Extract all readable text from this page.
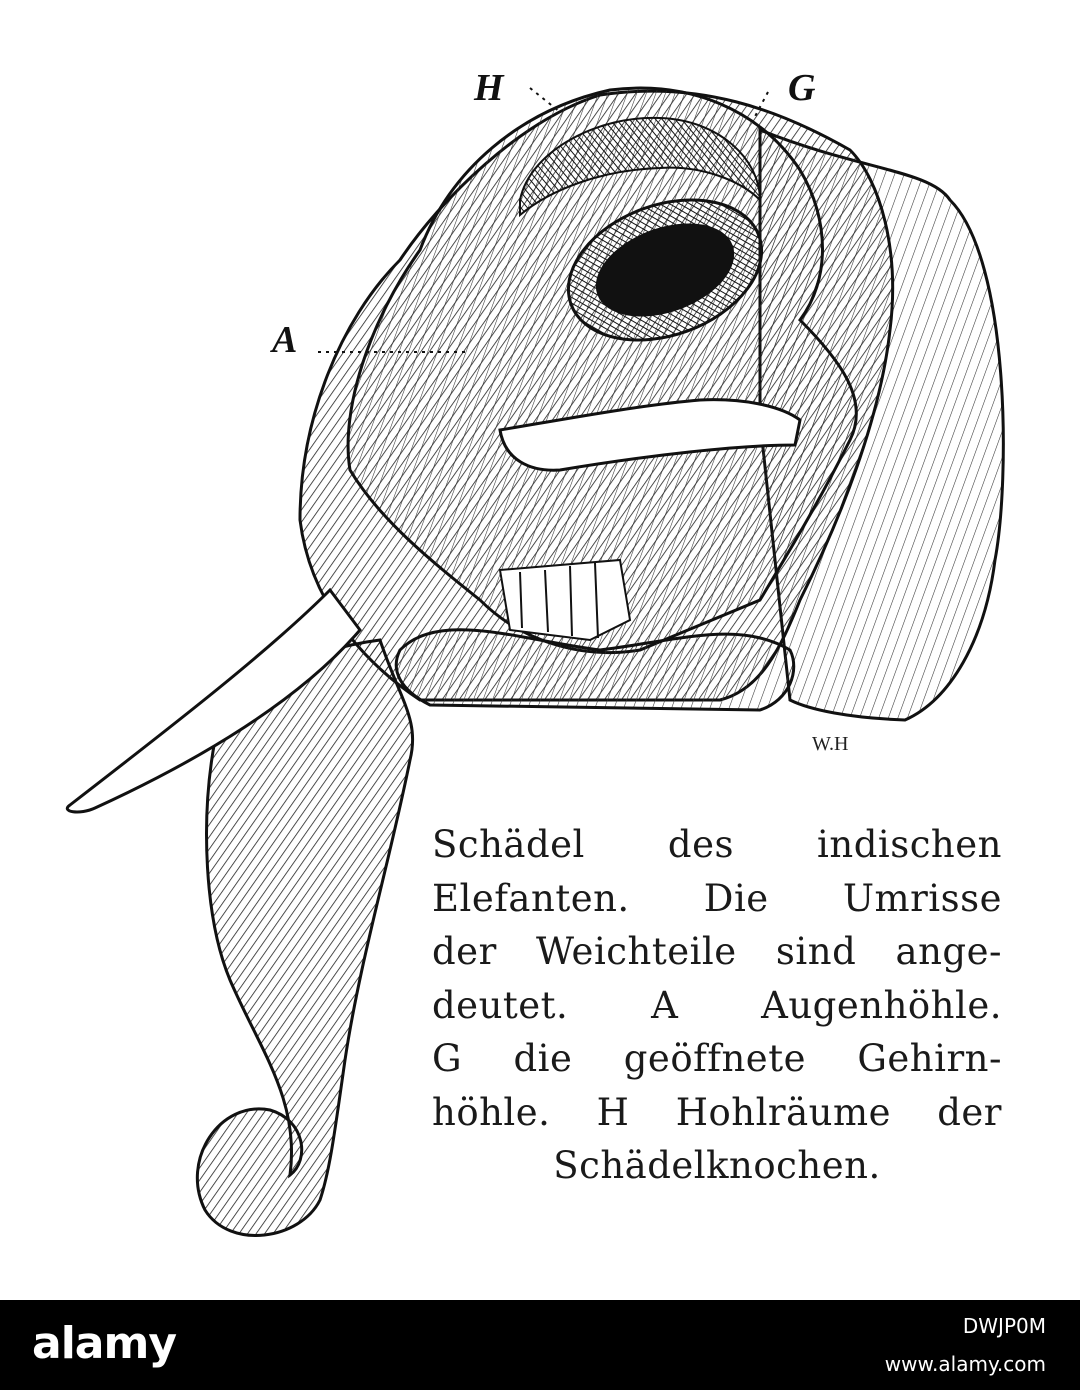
H	G
A
W.H
Schädel des indischen
Elefanten. Die Umrisse
der Weichteile sind ange-
deutet. A Augenhöhle.
G die geöffnete Gehirn-
höhle. H Hohlräume der
Schädelknochen.
alamy	DWJP0M
www.alamy.com
